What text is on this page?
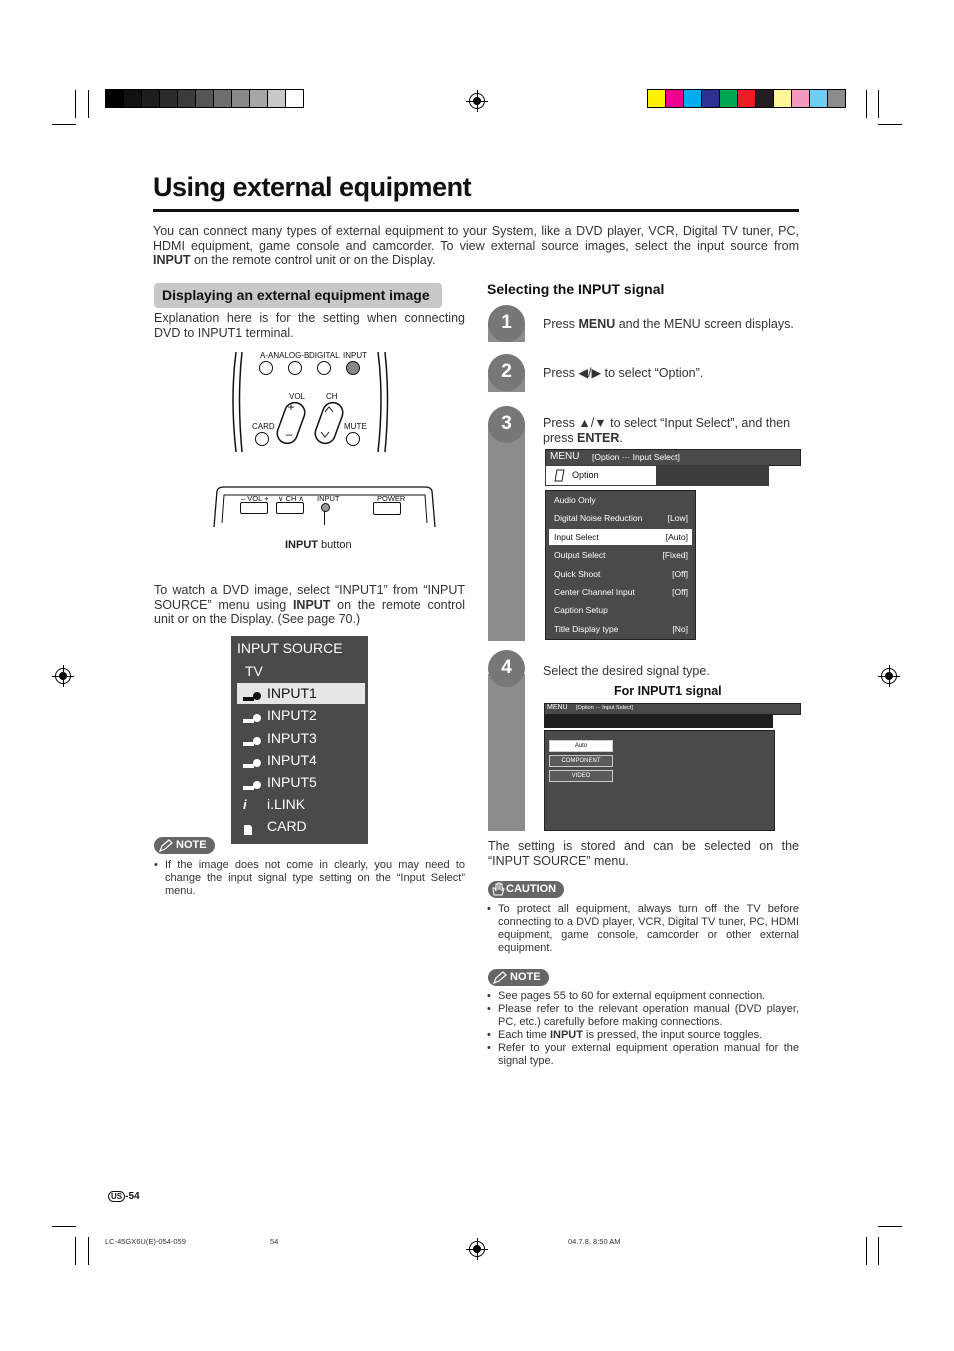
Using external equipment
You can connect many types of external equipment to your System, like a DVD player, VCR, Digital TV tuner, PC, HDMI equipment, game console and camcorder. To view external source images, select the input source from INPUT on the remote control unit or on the Display.
Displaying an external equipment image
Explanation here is for the setting when connecting DVD to INPUT1 terminal.
+
–
A-ANALOG-B DIGITAL INPUT
VOL	CH
CARD	MUTE
– VOL + ∨ CH ∧ INPUT	POWER
INPUT button
To watch a DVD image, select “INPUT1” from “INPUT SOURCE” menu using INPUT on the remote control unit or on the Display. (See page 70.)
INPUT SOURCE
TV
INPUT1
INPUT2
INPUT3
INPUT4
INPUT5
i	i.LINK
CARD
NOTE
• If the image does not come in clearly, you may need to change the input signal type setting on the “Input Select” menu.
Selecting the INPUT signal
1	Press MENU and the MENU screen displays.
2	Press ◀/▶ to select “Option”.
3	Press ▲/▼ to select “Input Select”, and then press ENTER.
MENU [Option ··· Input Select]
Option
Audio Only
Digital Noise Reduction	[Low]
Input Select	[Auto]
Output Select	[Fixed]
Quick Shoot	[Off]
Center Channel Input	[Off]
Caption Setup
Title Display type	[No]
4	Select the desired signal type.
For INPUT1 signal
MENU [Option ··· Input Select]
Auto
COMPONENT
VIDEO
The setting is stored and can be selected on the “INPUT SOURCE” menu.
CAUTION
• To protect all equipment, always turn off the TV before connecting to a DVD player, VCR, Digital TV tuner, PC, HDMI equipment, game console, camcorder or other external equipment.
NOTE
• See pages 55 to 60 for external equipment connection.
• Please refer to the relevant operation manual (DVD player, PC, etc.) carefully before making connections.
• Each time INPUT is pressed, the input source toggles.
• Refer to your external equipment operation manual for the signal type.
US -54
LC-45GX6U(E)-054-059	54	04.7.8, 8:50 AM
